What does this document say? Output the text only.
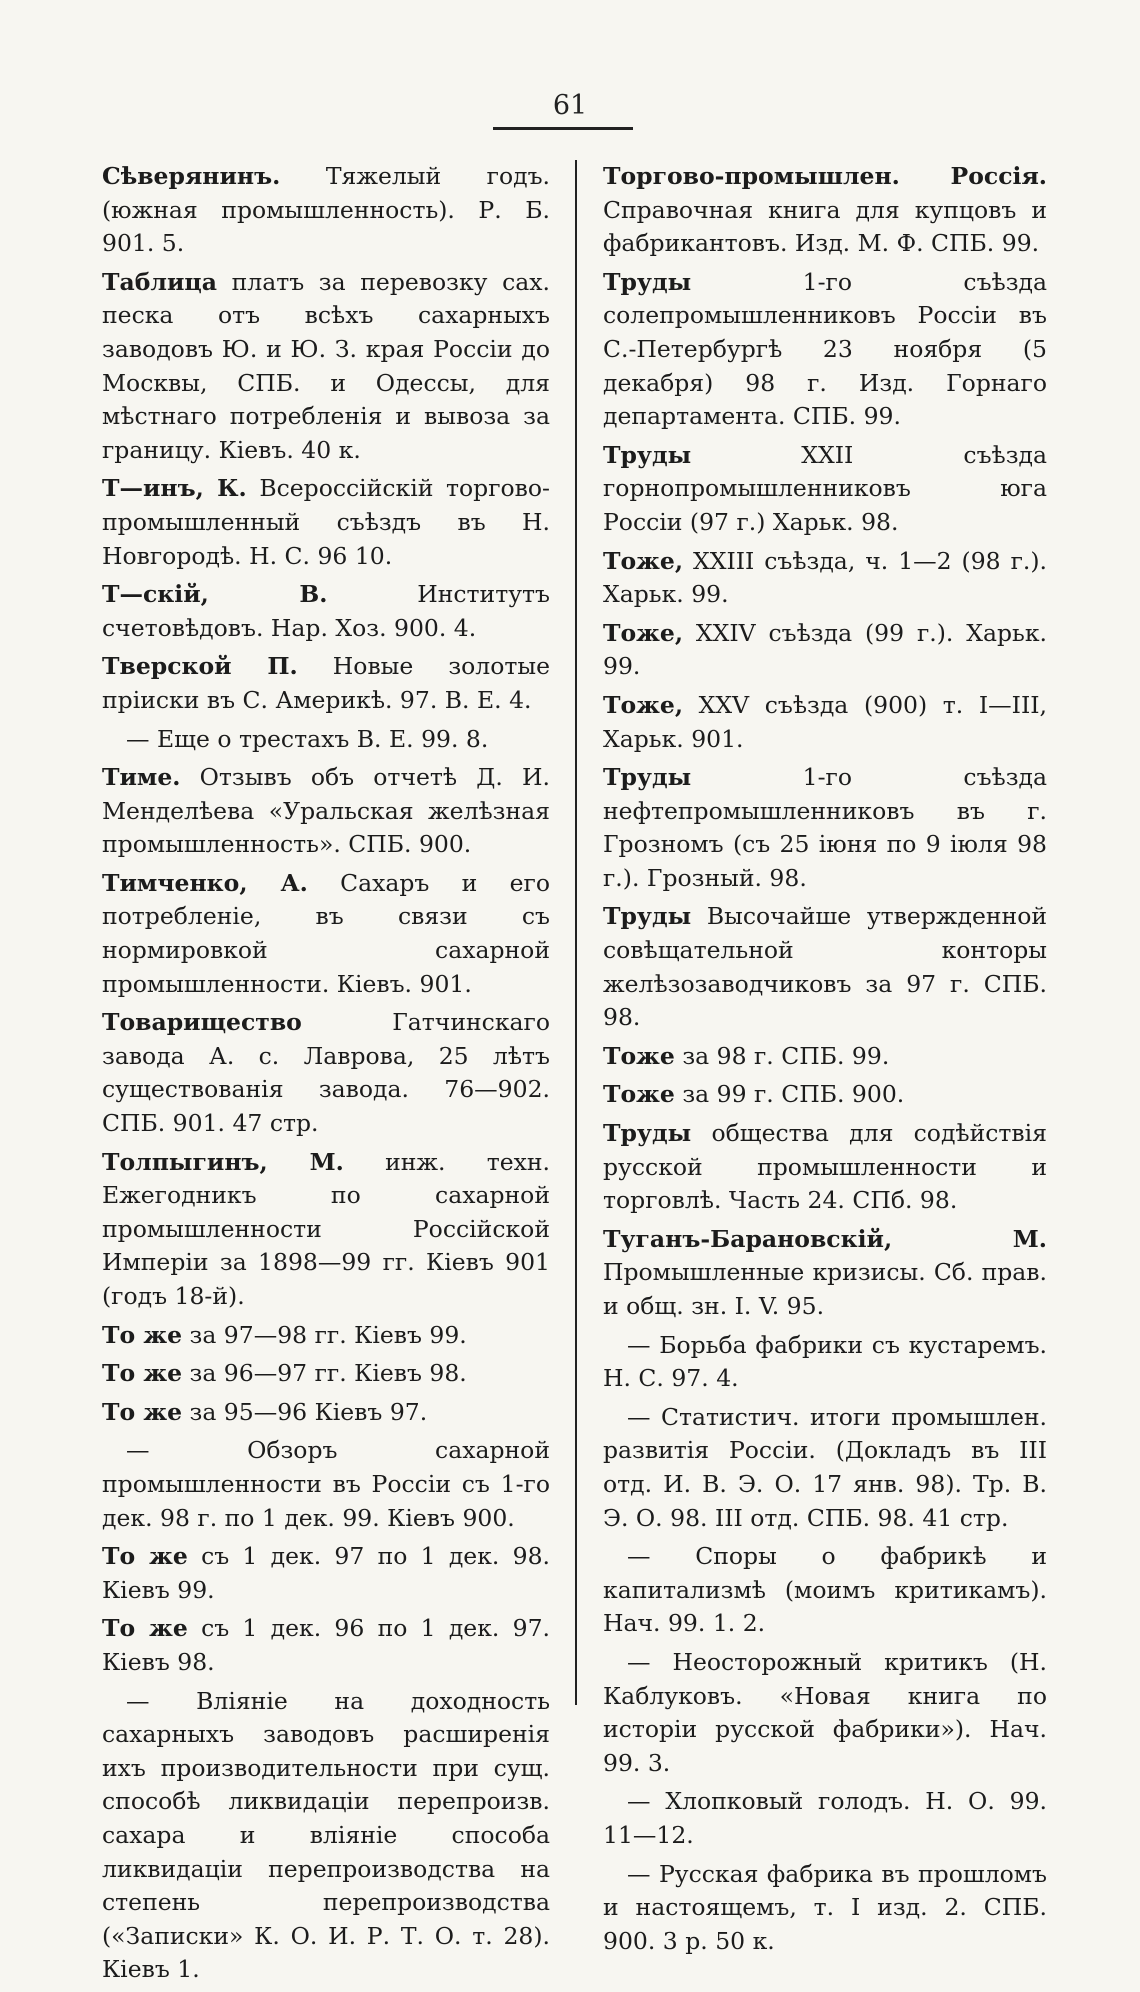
61

Сѣверянинъ. Тяжелый годъ. (южная промышленность). Р. Б. 901. 5.

Таблица платъ за перевозку сах. песка отъ всѣхъ сахарныхъ заводовъ Ю. и Ю. З. края Россіи до Москвы, СПБ. и Одессы, для мѣстнаго потребленія и вывоза за границу. Кіевъ. 40 к.

Т—инъ, К. Всероссійскій торгово-промышленный съѣздъ въ Н. Новгородѣ. Н. С. 96 10.

Т—скій, В. Институтъ счетовѣдовъ. Нар. Хоз. 900. 4.

Тверской П. Новые золотые пріиски въ С. Америкѣ. 97. В. Е. 4.

— Еще о трестахъ В. Е. 99. 8.

Тиме. Отзывъ объ отчетѣ Д. И. Менделѣева «Уральская желѣзная промышленность». СПБ. 900.

Тимченко, А. Сахаръ и его потребленіе, въ связи съ нормировкой сахарной промышленности. Кіевъ. 901.

Товарищество Гатчинскаго завода А. с. Лаврова, 25 лѣтъ существованія завода. 76—902. СПБ. 901. 47 стр.

Толпыгинъ, М. инж. техн. Ежегодникъ по сахарной промышленности Россійской Имперіи за 1898—99 гг. Кіевъ 901 (годъ 18-й).

То же за 97—98 гг. Кіевъ 99.

То же за 96—97 гг. Кіевъ 98.

То же за 95—96 Кіевъ 97.

— Обзоръ сахарной промышленности въ Россіи съ 1-го дек. 98 г. по 1 дек. 99. Кіевъ 900.

То же съ 1 дек. 97 по 1 дек. 98. Кіевъ 99.

То же съ 1 дек. 96 по 1 дек. 97. Кіевъ 98.

— Вліяніе на доходность сахарныхъ заводовъ расширенія ихъ производительности при сущ. способѣ ликвидаціи перепроизв. сахара и вліяніе способа ликвидаціи перепроизводства на степень перепроизводства («Записки» К. О. И. Р. Т. О. т. 28). Кіевъ 1.

Торгово-промышлен. Россія. Справочная книга для купцовъ и фабрикантовъ. Изд. М. Ф. СПБ. 99.

Труды 1-го съѣзда солепромышленниковъ Россіи въ С.-Петербургѣ 23 ноября (5 декабря) 98 г. Изд. Горнаго департамента. СПБ. 99.

Труды XXII съѣзда горнопромышленниковъ юга Россіи (97 г.) Харьк. 98.

Тоже, XXIII съѣзда, ч. 1—2 (98 г.). Харьк. 99.

Тоже, XXIV съѣзда (99 г.). Харьк. 99.

Тоже, XXV съѣзда (900) т. I—III, Харьк. 901.

Труды 1-го съѣзда нефтепромышленниковъ въ г. Грозномъ (съ 25 іюня по 9 іюля 98 г.). Грозный. 98.

Труды Высочайше утвержденной совѣщательной конторы желѣзозаводчиковъ за 97 г. СПБ. 98.

Тоже за 98 г. СПБ. 99.

Тоже за 99 г. СПБ. 900.

Труды общества для содѣйствія русской промышленности и торговлѣ. Часть 24. СПб. 98.

Туганъ-Барановскій, М. Промышленные кризисы. Сб. прав. и общ. зн. I. V. 95.

— Борьба фабрики съ кустаремъ. Н. С. 97. 4.

— Статистич. итоги промышлен. развитія Россіи. (Докладъ въ III отд. И. В. Э. О. 17 янв. 98). Тр. В. Э. О. 98. III отд. СПБ. 98. 41 стр.

— Споры о фабрикѣ и капитализмѣ (моимъ критикамъ). Нач. 99. 1. 2.

— Неосторожный критикъ (Н. Каблуковъ. «Новая книга по исторіи русской фабрики»). Нач. 99. 3.

— Хлопковый голодъ. Н. О. 99. 11—12.

— Русская фабрика въ прошломъ и настоящемъ, т. I изд. 2. СПБ. 900. 3 р. 50 к.
